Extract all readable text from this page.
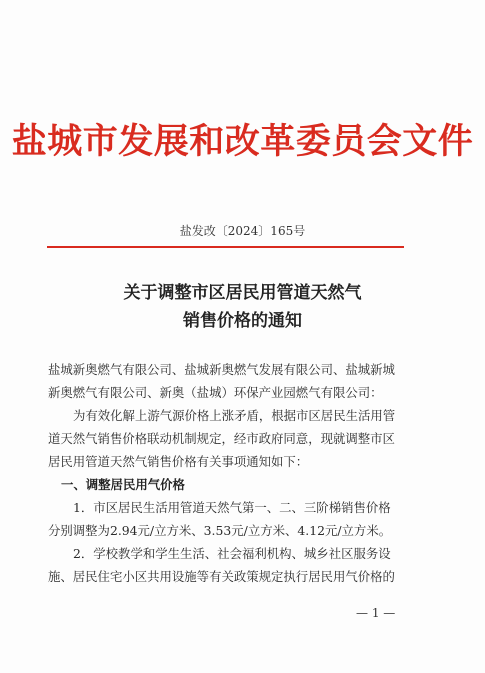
盐城市发展和改革委员会文件
盐发改〔2024〕165号
关于调整市区居民用管道天然气
销售价格的通知
盐城新奥燃气有限公司、盐城新奥燃气发展有限公司、盐城新城
新奥燃气有限公司、新奥（盐城）环保产业园燃气有限公司：
为有效化解上游气源价格上涨矛盾，根据市区居民生活用管
道天然气销售价格联动机制规定，经市政府同意，现就调整市区
居民用管道天然气销售价格有关事项通知如下：
一、调整居民用气价格
1．市区居民生活用管道天然气第一、二、三阶梯销售价格
分别调整为2.94元/立方米、3.53元/立方米、4.12元/立方米。
2．学校教学和学生生活、社会福利机构、城乡社区服务设
施、居民住宅小区共用设施等有关政策规定执行居民用气价格的
— 1 —
